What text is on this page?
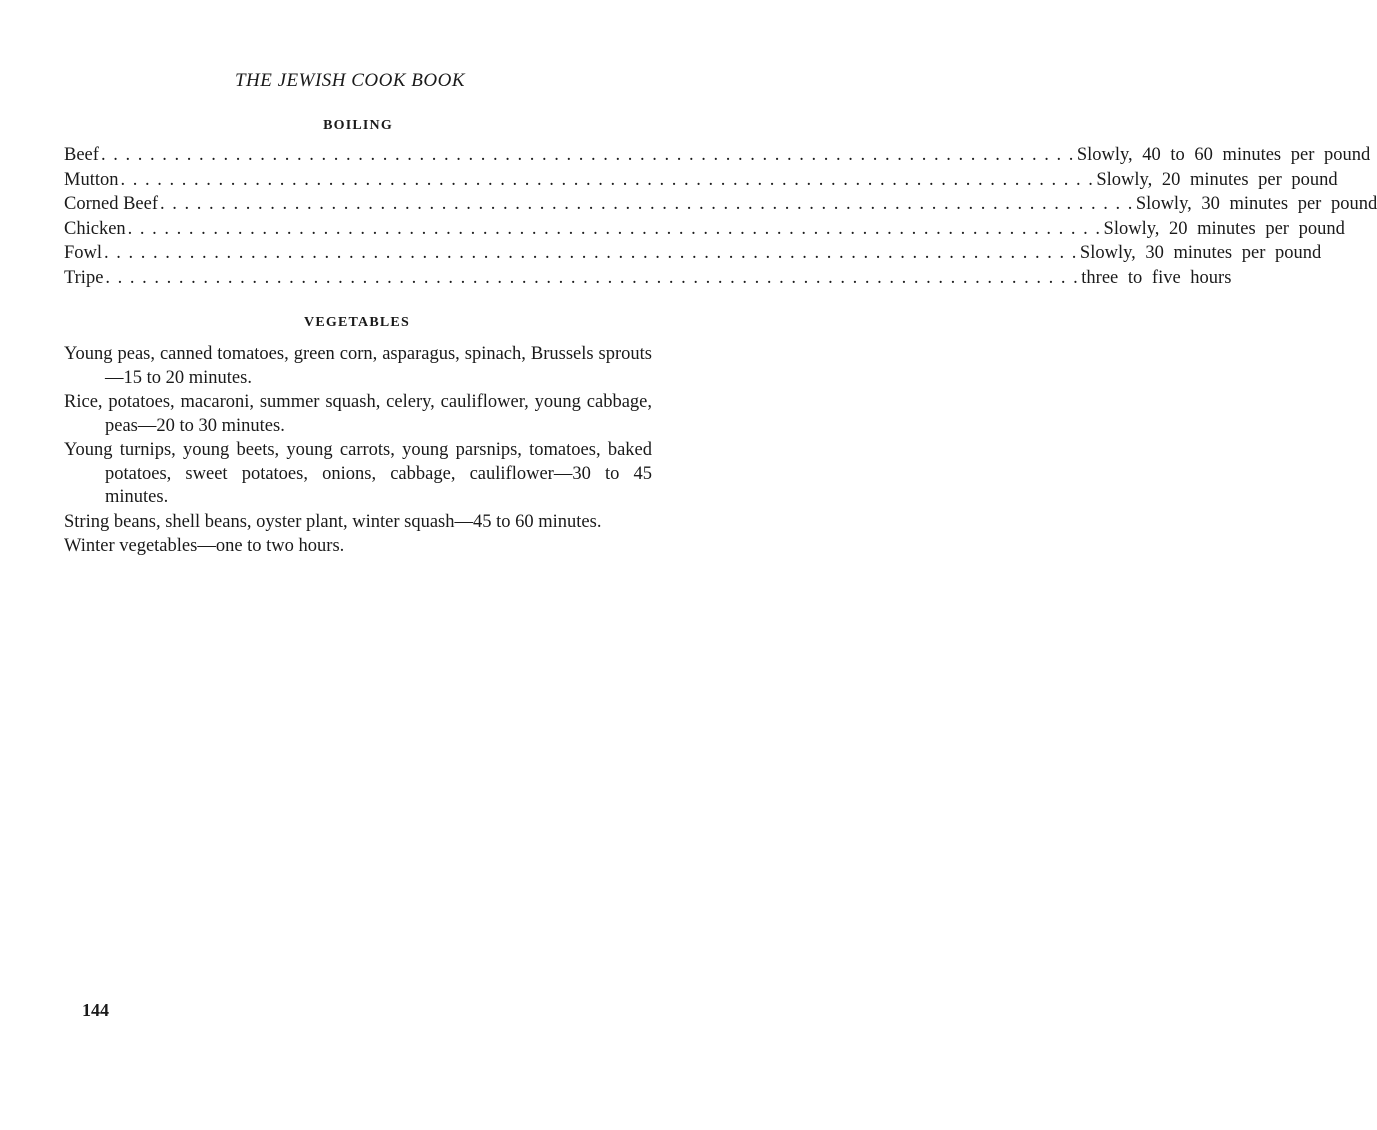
THE JEWISH COOK BOOK
BOILING
Beef . . . . . . . . . . . . . . . . . . . . . . . . . . . . . . . . . . . . . . . . . . . . . . . . . . . . . . . . . . . . . . . . . . . . . . . . . . . . . . . . Slowly, 40 to 60 minutes per pound
Mutton . . . . . . . . . . . . . . . . . . . . . . . . . . . . . . . . . . . . . . . . . . . . . . . . . . . . . . . . . . . . . . . . . . . . . . . . . . . . . . . . Slowly, 20 minutes per pound
Corned Beef . . . . . . . . . . . . . . . . . . . . . . . . . . . . . . . . . . . . . . . . . . . . . . . . . . . . . . . . . . . . . . . . . . . . . . . . . . . . . . . . Slowly, 30 minutes per pound
Chicken . . . . . . . . . . . . . . . . . . . . . . . . . . . . . . . . . . . . . . . . . . . . . . . . . . . . . . . . . . . . . . . . . . . . . . . . . . . . . . . . Slowly, 20 minutes per pound
Fowl . . . . . . . . . . . . . . . . . . . . . . . . . . . . . . . . . . . . . . . . . . . . . . . . . . . . . . . . . . . . . . . . . . . . . . . . . . . . . . . . Slowly, 30 minutes per pound
Tripe . . . . . . . . . . . . . . . . . . . . . . . . . . . . . . . . . . . . . . . . . . . . . . . . . . . . . . . . . . . . . . . . . . . . . . . . . . . . . . . . three to five hours
VEGETABLES

Young peas, canned tomatoes, green corn, asparagus, spinach, Brussels sprouts—15 to 20 minutes.

Rice, potatoes, macaroni, summer squash, celery, cauliflower, young cabbage, peas—20 to 30 minutes.

Young turnips, young beets, young carrots, young parsnips, tomatoes, baked potatoes, sweet potatoes, onions, cabbage, cauliflower—30 to 45 minutes.

String beans, shell beans, oyster plant, winter squash—45 to 60 minutes.

Winter vegetables—one to two hours.

144
